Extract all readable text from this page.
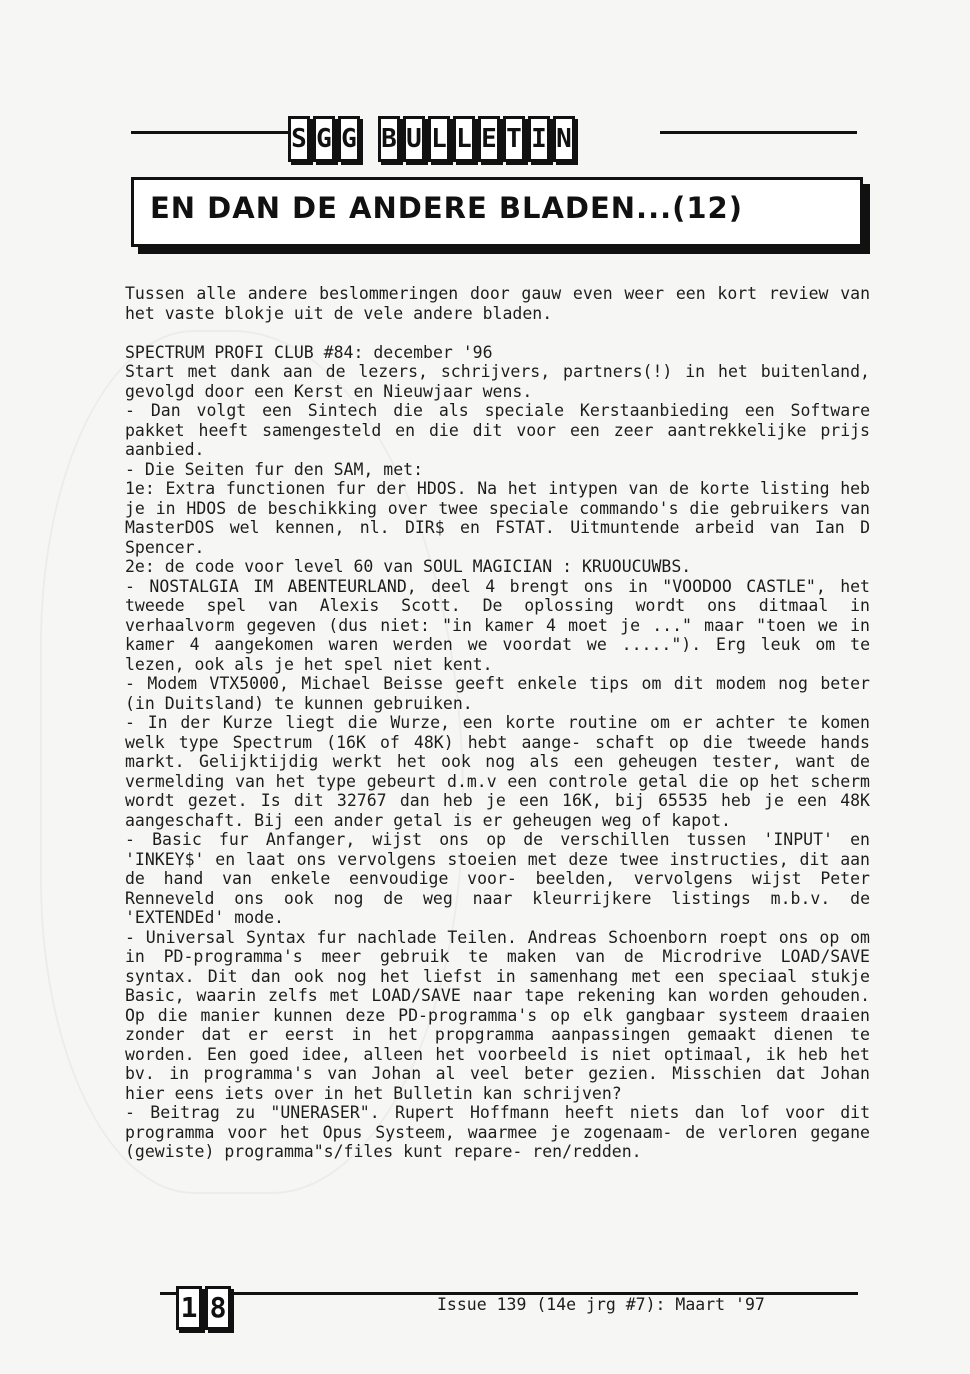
S G G B U L L E T I N
EN DAN DE ANDERE BLADEN...(12)

Tussen alle andere beslommeringen door gauw even weer een kort review van het vaste blokje uit de vele andere bladen.

SPECTRUM PROFI CLUB #84: december '96

Start met dank aan de lezers, schrijvers, partners(!) in het buitenland, gevolgd door een Kerst en Nieuwjaar wens.

- Dan volgt een Sintech die als speciale Kerstaanbieding een Software pakket heeft samengesteld en die dit voor een zeer aantrekkelijke prijs aanbied.

- Die Seiten fur den SAM, met:

1e: Extra functionen fur der HDOS. Na het intypen van de korte listing heb je in HDOS de beschikking over twee speciale commando's die gebruikers van MasterDOS wel kennen, nl. DIR$ en FSTAT. Uitmuntende arbeid van Ian D Spencer.

2e: de code voor level 60 van SOUL MAGICIAN : KRUOUCUWBS.

- NOSTALGIA IM ABENTEURLAND, deel 4 brengt ons in "VOODOO CASTLE", het tweede spel van Alexis Scott. De oplossing wordt ons ditmaal in verhaalvorm gegeven (dus niet: "in kamer 4 moet je ..." maar "toen we in kamer 4 aangekomen waren werden we voordat we ....."). Erg leuk om te lezen, ook als je het spel niet kent.

- Modem VTX5000, Michael Beisse geeft enkele tips om dit modem nog beter (in Duitsland) te kunnen gebruiken.

- In der Kurze liegt die Wurze, een korte routine om er achter te komen welk type Spectrum (16K of 48K) hebt aange- schaft op die tweede hands markt. Gelijktijdig werkt het ook nog als een geheugen tester, want de vermelding van het type gebeurt d.m.v een controle getal die op het scherm wordt gezet. Is dit 32767 dan heb je een 16K, bij 65535 heb je een 48K aangeschaft. Bij een ander getal is er geheugen weg of kapot.

- Basic fur Anfanger, wijst ons op de verschillen tussen 'INPUT' en 'INKEY$' en laat ons vervolgens stoeien met deze twee instructies, dit aan de hand van enkele eenvoudige voor- beelden, vervolgens wijst Peter Renneveld ons ook nog de weg naar kleurrijkere listings m.b.v. de 'EXTENDEd' mode.

- Universal Syntax fur nachlade Teilen. Andreas Schoenborn roept ons op om in PD-programma's meer gebruik te maken van de Microdrive LOAD/SAVE syntax. Dit dan ook nog het liefst in samenhang met een speciaal stukje Basic, waarin zelfs met LOAD/SAVE naar tape rekening kan worden gehouden. Op die manier kunnen deze PD-programma's op elk gangbaar systeem draaien zonder dat er eerst in het propgramma aanpassingen gemaakt dienen te worden. Een goed idee, alleen het voorbeeld is niet optimaal, ik heb het bv. in programma's van Johan al veel beter gezien. Misschien dat Johan hier eens iets over in het Bulletin kan schrijven?

- Beitrag zu "UNERASER". Rupert Hoffmann heeft niets dan lof voor dit programma voor het Opus Systeem, waarmee je zogenaam- de verloren gegane (gewiste) programma"s/files kunt repare- ren/redden.

1 8	Issue 139 (14e jrg #7): Maart '97
